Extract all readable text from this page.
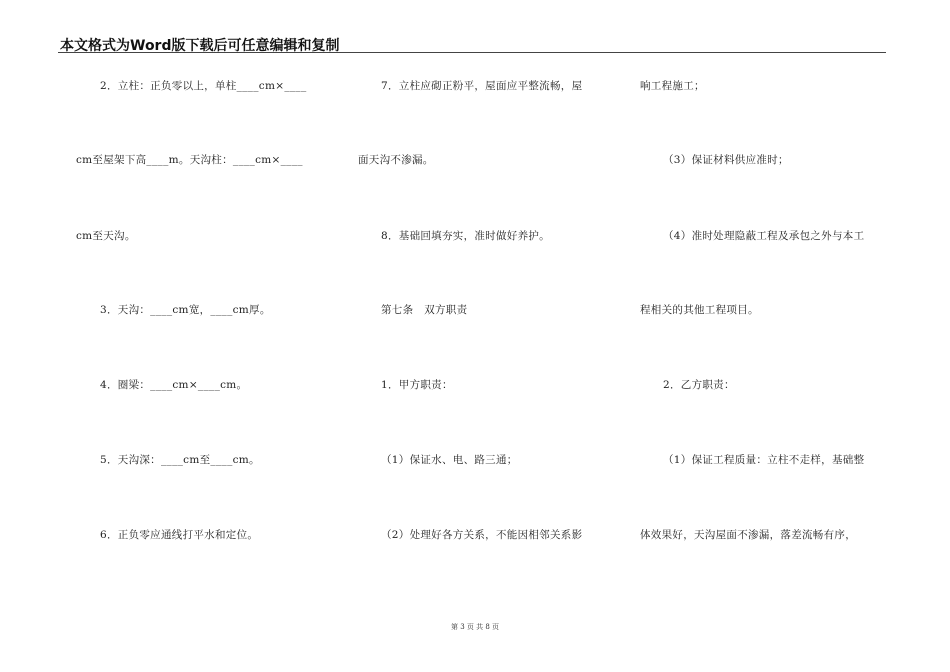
本文格式为Word版下载后可任意编辑和复制
2．立柱：正负零以上，单柱____cm×____
cm至屋架下高____m。天沟柱：____cm×____
cm至天沟。
3．天沟：____cm宽，____cm厚。
4．圈梁：____cm×____cm。
5．天沟深：____cm至____cm。
6．正负零应通线打平水和定位。
7．立柱应砌正粉平，屋面应平整流畅，屋
面天沟不渗漏。
8．基础回填夯实，准时做好养护。
第七条　双方职责
1．甲方职责：
（1）保证水、电、路三通；
（2）处理好各方关系，不能因相邻关系影
响工程施工；
（3）保证材料供应准时；
（4）准时处理隐蔽工程及承包之外与本工
程相关的其他工程项目。
2．乙方职责：
（1）保证工程质量：立柱不走样，基础整
体效果好，天沟屋面不渗漏，落差流畅有序，
第 3 页 共 8 页
